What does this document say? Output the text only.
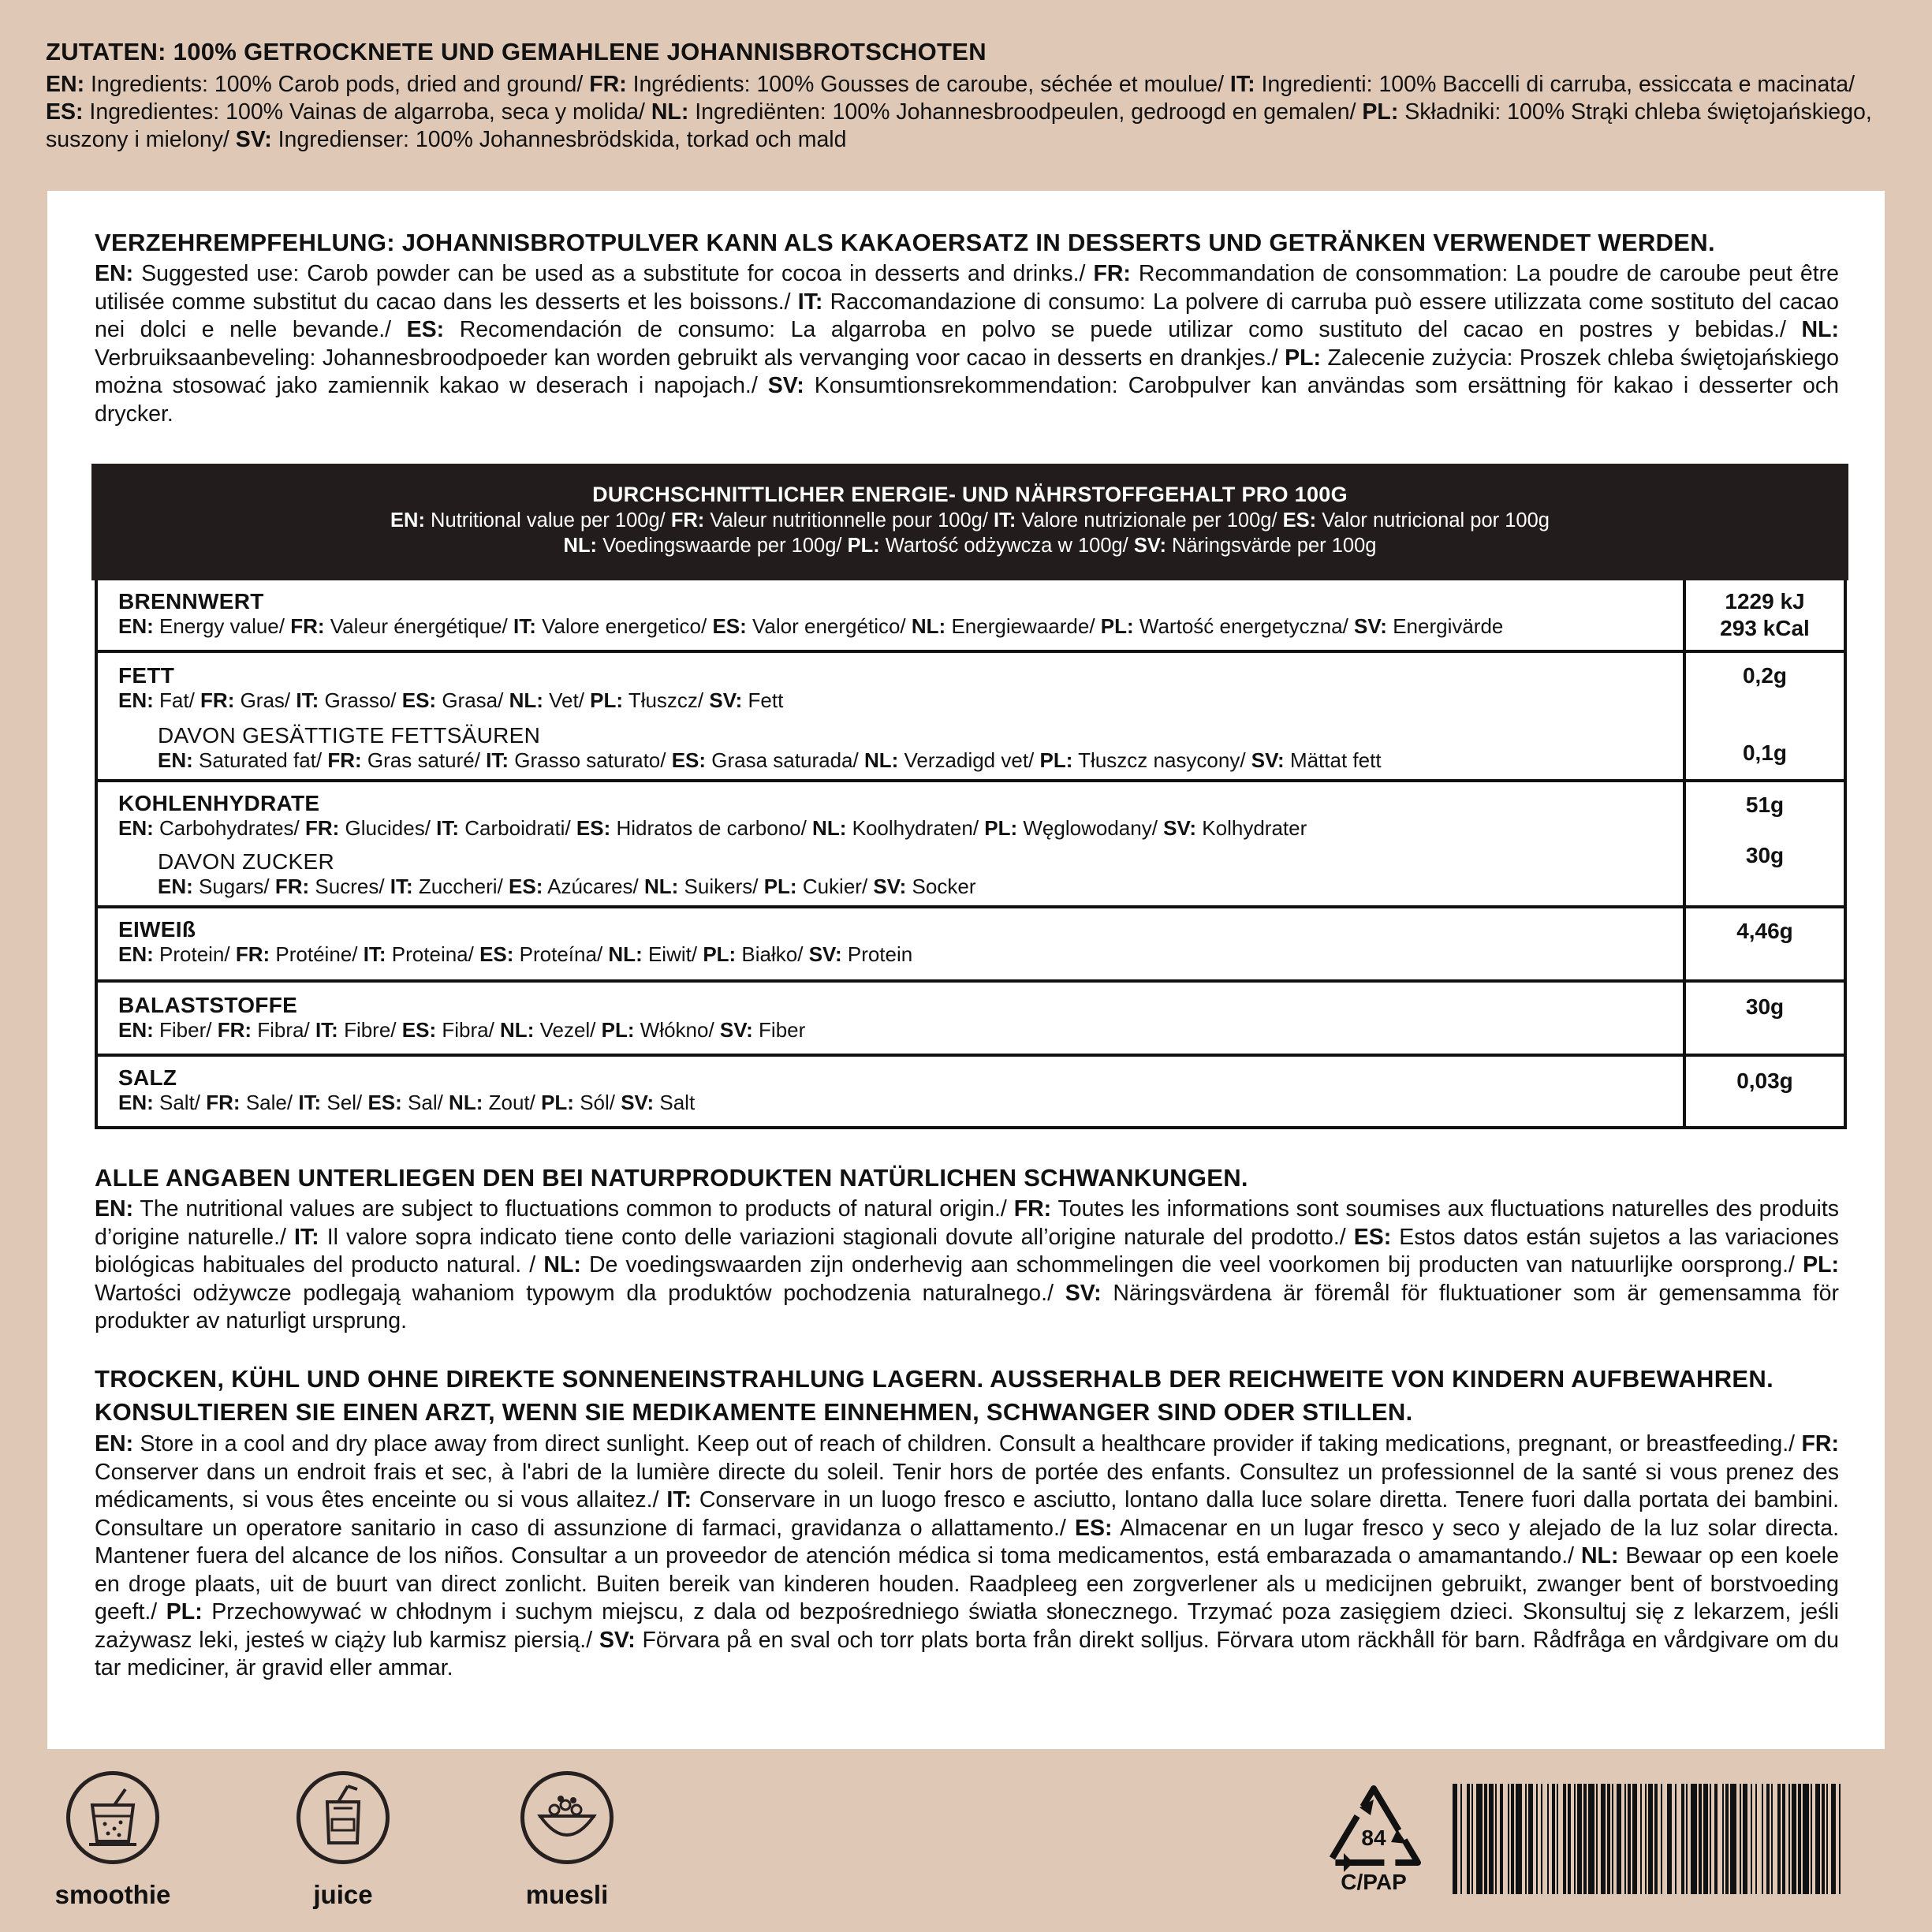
ZUTATEN: 100% GETROCKNETE UND GEMAHLENE JOHANNISBROTSCHOTEN
EN: Ingredients: 100% Carob pods, dried and ground/ FR: Ingrédients: 100% Gousses de caroube, séchée et moulue/ IT: Ingredienti: 100% Baccelli di carruba, essiccata e macinata/ ES: Ingredientes: 100% Vainas de algarroba, seca y molida/ NL: Ingrediënten: 100% Johannesbroodpeulen, gedroogd en gemalen/ PL: Składniki: 100% Strąki chleba świętojańskiego, suszony i mielony/ SV: Ingredienser: 100% Johannesbrödskida, torkad och mald
VERZEHREMPFEHLUNG: JOHANNISBROTPULVER KANN ALS KAKAOERSATZ IN DESSERTS UND GETRÄNKEN VERWENDET WERDEN.
EN: Suggested use: Carob powder can be used as a substitute for cocoa in desserts and drinks./ FR: Recommandation de consommation: La poudre de caroube peut être utilisée comme substitut du cacao dans les desserts et les boissons./ IT: Raccomandazione di consumo: La polvere di carruba può essere utilizzata come sostituto del cacao nei dolci e nelle bevande./ ES: Recomendación de consumo: La algarroba en polvo se puede utilizar como sustituto del cacao en postres y bebidas./ NL: Verbruiksaanbeveling: Johannesbroodpoeder kan worden gebruikt als vervanging voor cacao in desserts en drankjes./ PL: Zalecenie zużycia: Proszek chleba świętojańskiego można stosować jako zamiennik kakao w deserach i napojach./ SV: Konsumtionsrekommendation: Carobpulver kan användas som ersättning för kakao i desserter och drycker.
DURCHSCHNITTLICHER ENERGIE- UND NÄHRSTOFFGEHALT PRO 100G
EN: Nutritional value per 100g/ FR: Valeur nutritionnelle pour 100g/ IT: Valore nutrizionale per 100g/ ES: Valor nutricional por 100g
NL: Voedingswaarde per 100g/ PL: Wartość odżywcza w 100g/ SV: Näringsvärde per 100g
BRENNWERT
EN: Energy value/ FR: Valeur énergétique/ IT: Valore energetico/ ES: Valor energético/ NL: Energiewaarde/ PL: Wartość energetyczna/ SV: Energivärde
1229 kJ
293 kCal
FETT
EN: Fat/ FR: Gras/ IT: Grasso/ ES: Grasa/ NL: Vet/ PL: Tłuszcz/ SV: Fett
DAVON GESÄTTIGTE FETTSÄUREN
EN: Saturated fat/ FR: Gras saturé/ IT: Grasso saturato/ ES: Grasa saturada/ NL: Verzadigd vet/ PL: Tłuszcz nasycony/ SV: Mättat fett
0,2g
0,1g
KOHLENHYDRATE
EN: Carbohydrates/ FR: Glucides/ IT: Carboidrati/ ES: Hidratos de carbono/ NL: Koolhydraten/ PL: Węglowodany/ SV: Kolhydrater
DAVON ZUCKER
EN: Sugars/ FR: Sucres/ IT: Zuccheri/ ES: Azúcares/ NL: Suikers/ PL: Cukier/ SV: Socker
51g
30g
EIWEIß
EN: Protein/ FR: Protéine/ IT: Proteina/ ES: Proteína/ NL: Eiwit/ PL: Białko/ SV: Protein
4,46g
BALASTSTOFFE
EN: Fiber/ FR: Fibra/ IT: Fibre/ ES: Fibra/ NL: Vezel/ PL: Włókno/ SV: Fiber
30g
SALZ
EN: Salt/ FR: Sale/ IT: Sel/ ES: Sal/ NL: Zout/ PL: Sól/ SV: Salt
0,03g
ALLE ANGABEN UNTERLIEGEN DEN BEI NATURPRODUKTEN NATÜRLICHEN SCHWANKUNGEN.
EN: The nutritional values are subject to fluctuations common to products of natural origin./ FR: Toutes les informations sont soumises aux fluctuations naturelles des produits d’origine naturelle./ IT: Il valore sopra indicato tiene conto delle variazioni stagionali dovute all’origine naturale del prodotto./ ES: Estos datos están sujetos a las variaciones biológicas habituales del producto natural. / NL: De voedingswaarden zijn onderhevig aan schommelingen die veel voorkomen bij producten van natuurlijke oorsprong./ PL: Wartości odżywcze podlegają wahaniom typowym dla produktów pochodzenia naturalnego./ SV: Näringsvärdena är föremål för fluktuationer som är gemensamma för produkter av naturligt ursprung.
TROCKEN, KÜHL UND OHNE DIREKTE SONNENEINSTRAHLUNG LAGERN. AUSSERHALB DER REICHWEITE VON KINDERN AUFBEWAHREN.
KONSULTIEREN SIE EINEN ARZT, WENN SIE MEDIKAMENTE EINNEHMEN, SCHWANGER SIND ODER STILLEN.
EN: Store in a cool and dry place away from direct sunlight. Keep out of reach of children. Consult a healthcare provider if taking medications, pregnant, or breastfeeding./ FR: Conserver dans un endroit frais et sec, à l'abri de la lumière directe du soleil. Tenir hors de portée des enfants. Consultez un professionnel de la santé si vous prenez des médicaments, si vous êtes enceinte ou si vous allaitez./ IT: Conservare in un luogo fresco e asciutto, lontano dalla luce solare diretta. Tenere fuori dalla portata dei bambini. Consultare un operatore sanitario in caso di assunzione di farmaci, gravidanza o allattamento./ ES: Almacenar en un lugar fresco y seco y alejado de la luz solar directa. Mantener fuera del alcance de los niños. Consultar a un proveedor de atención médica si toma medicamentos, está embarazada o amamantando./ NL: Bewaar op een koele en droge plaats, uit de buurt van direct zonlicht. Buiten bereik van kinderen houden. Raadpleeg een zorgverlener als u medicijnen gebruikt, zwanger bent of borstvoeding geeft./ PL: Przechowywać w chłodnym i suchym miejscu, z dala od bezpośredniego światła słonecznego. Trzymać poza zasięgiem dzieci. Skonsultuj się z lekarzem, jeśli zażywasz leki, jesteś w ciąży lub karmisz piersią./ SV: Förvara på en sval och torr plats borta från direkt solljus. Förvara utom räckhåll för barn. Rådfråga en vårdgivare om du tar mediciner, är gravid eller ammar.
smoothie	juice	muesli
84
C/PAP
